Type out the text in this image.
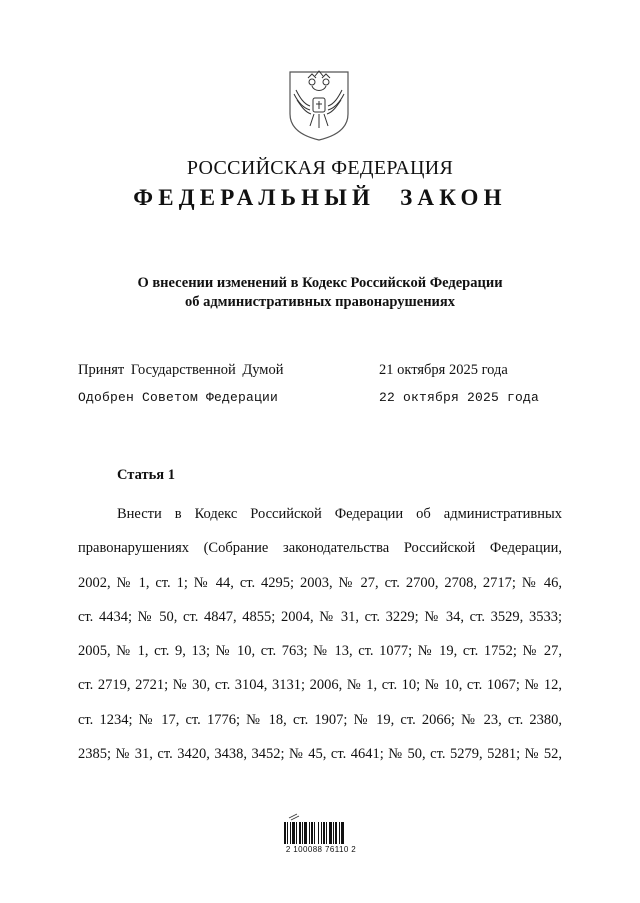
РОССИЙСКАЯ ФЕДЕРАЦИЯ
ФЕДЕРАЛЬНЫЙ ЗАКОН
О внесении изменений в Кодекс Российской Федерации
об административных правонарушениях
Принят Государственной Думой	21 октября 2025 года
Одобрен Советом Федерации	22 октября 2025 года
Статья 1
Внести в Кодекс Российской Федерации об административных
правонарушениях (Собрание законодательства Российской Федерации,
2002, № 1, ст. 1; № 44, ст. 4295; 2003, № 27, ст. 2700, 2708, 2717; № 46,
ст. 4434; № 50, ст. 4847, 4855; 2004, № 31, ст. 3229; № 34, ст. 3529, 3533;
2005, № 1, ст. 9, 13; № 10, ст. 763; № 13, ст. 1077; № 19, ст. 1752; № 27,
ст. 2719, 2721; № 30, ст. 3104, 3131; 2006, № 1, ст. 10; № 10, ст. 1067; № 12,
ст. 1234; № 17, ст. 1776; № 18, ст. 1907; № 19, ст. 2066; № 23, ст. 2380,
2385; № 31, ст. 3420, 3438, 3452; № 45, ст. 4641; № 50, ст. 5279, 5281; № 52,
2 100088 76110 2
